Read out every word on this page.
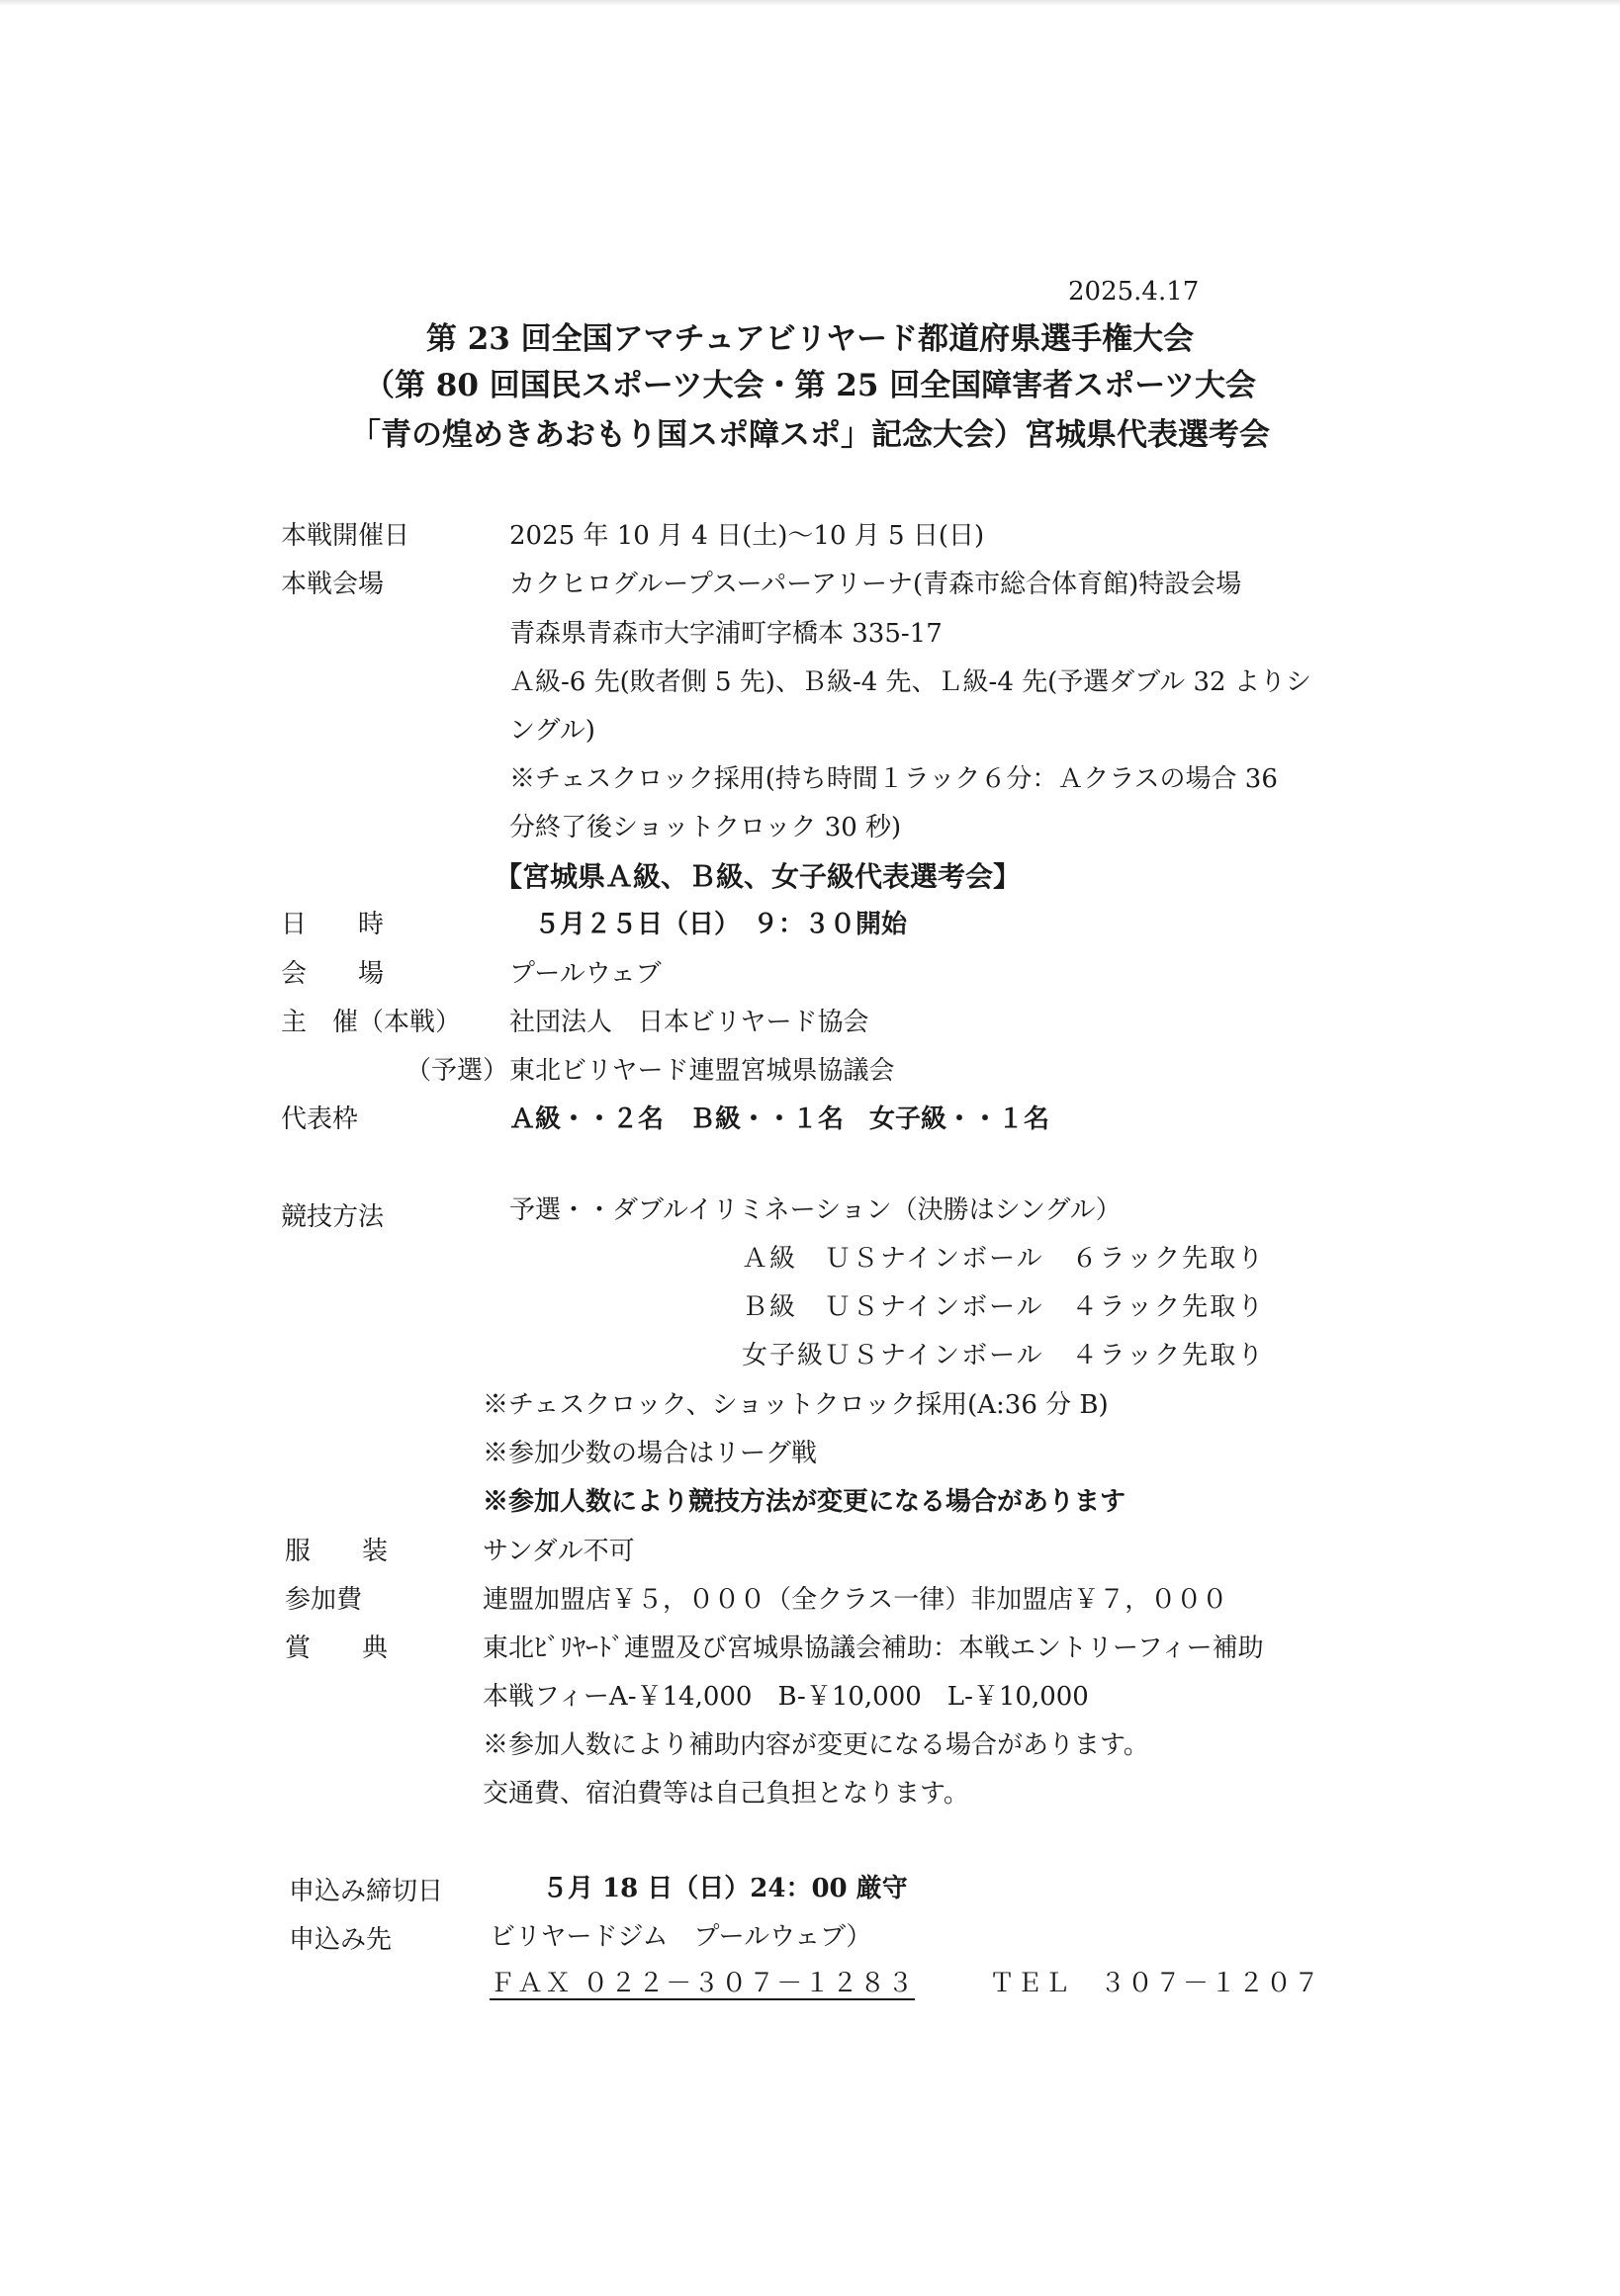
2025.4.17
第 23 回全国アマチュアビリヤード都道府県選手権大会
（第 80 回国民スポーツ大会・第 25 回全国障害者スポーツ大会
「青の煌めきあおもり国スポ障スポ」記念大会）宮城県代表選考会
本戦開催日	2025 年 10 月 4 日(土)～10 月 5 日(日)
本戦会場	カクヒログループスーパーアリーナ(青森市総合体育館)特設会場
青森県青森市大字浦町字橋本 335-17
Ａ級-6 先(敗者側 5 先)、Ｂ級-4 先、Ｌ級-4 先(予選ダブル 32 よりシ
ングル)
※チェスクロック採用(持ち時間１ラック６分：Ａクラスの場合 36
分終了後ショットクロック 30 秒)
【宮城県Ａ級、Ｂ級、女子級代表選考会】
日　　時	５月２５日（日）　９：３０開始
会　　場	プールウェブ
主　催（本戦） 社団法人　日本ビリヤード協会
（予選） 東北ビリヤード連盟宮城県協議会
代表枠	Ａ級・・２名　Ｂ級・・１名　女子級・・１名
競技方法	予選・・ダブルイリミネーション（決勝はシングル）
Ａ級　ＵＳナインボール　６ラック先取り
Ｂ級　ＵＳナインボール　４ラック先取り
女子級ＵＳナインボール　４ラック先取り
※チェスクロック、ショットクロック採用(A:36 分 B)
※参加少数の場合はリーグ戦
※参加人数により競技方法が変更になる場合があります
服　　装	サンダル不可
参加費	連盟加盟店￥５，０００（全クラス一律）非加盟店￥７，０００
賞　　典	東北ﾋﾞﾘﾔｰﾄﾞ連盟及び宮城県協議会補助：本戦エントリーフィー補助
本戦フィーA-￥14,000　B-￥10,000　L-￥10,000
※参加人数により補助内容が変更になる場合があります。
交通費、宿泊費等は自己負担となります。
申込み締切日	５月 18 日（日）24：00 厳守
申込み先	ビリヤードジム　プールウェブ）
ＦＡＸ ０２２－３０７－１２８３	ＴＥＬ　３０７－１２０７
